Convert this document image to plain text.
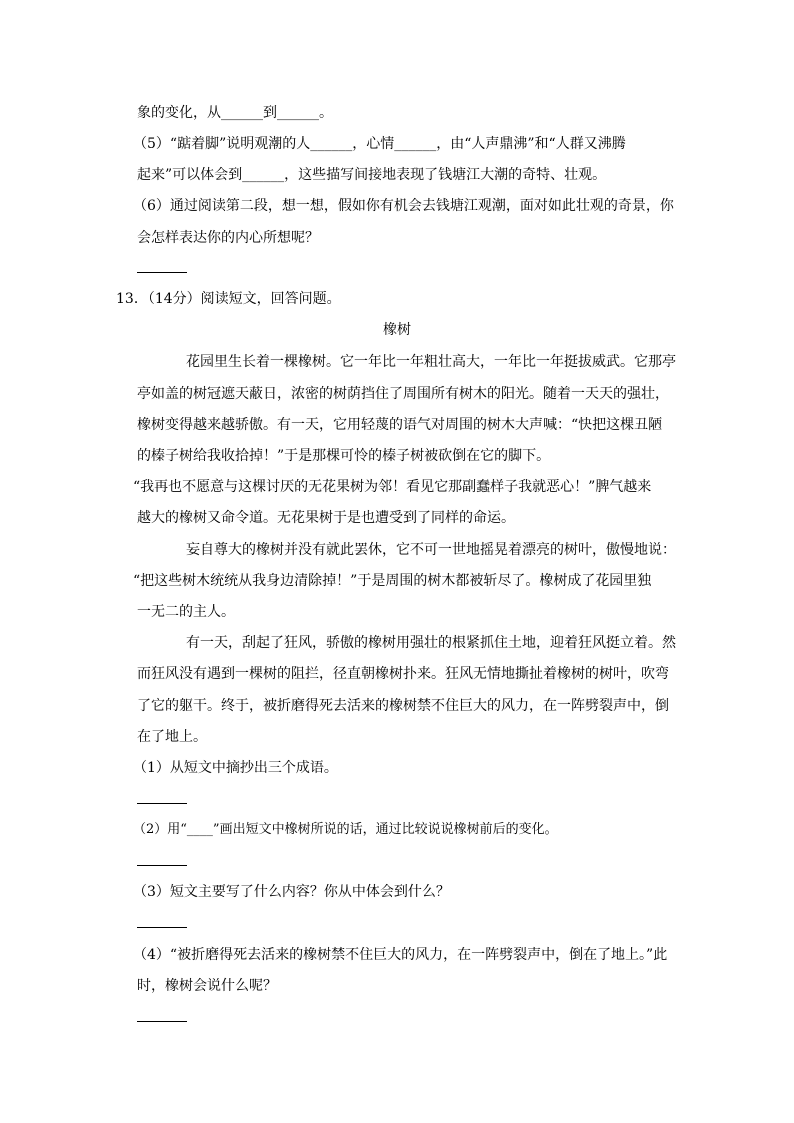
象的变化，从______到______。
（5）“踮着脚”说明观潮的人______，心情______，由“人声鼎沸”和“人群又沸腾
起来”可以体会到______，这些描写间接地表现了钱塘江大潮的奇特、壮观。
（6）通过阅读第二段，想一想，假如你有机会去钱塘江观潮，面对如此壮观的奇景，你
会怎样表达你的内心所想呢？
13．（14分）阅读短文，回答问题。
橡树
花园里生长着一棵橡树。它一年比一年粗壮高大，一年比一年挺拔威武。它那亭
亭如盖的树冠遮天蔽日，浓密的树荫挡住了周围所有树木的阳光。随着一天天的强壮，
橡树变得越来越骄傲。有一天，它用轻蔑的语气对周围的树木大声喊：“快把这棵丑陋
的榛子树给我收拾掉！”于是那棵可怜的榛子树被砍倒在它的脚下。
“我再也不愿意与这棵讨厌的无花果树为邻！看见它那副蠢样子我就恶心！”脾气越来
越大的橡树又命令道。无花果树于是也遭受到了同样的命运。
妄自尊大的橡树并没有就此罢休，它不可一世地摇晃着漂亮的树叶，傲慢地说：
“把这些树木统统从我身边清除掉！”于是周围的树木都被斩尽了。橡树成了花园里独
一无二的主人。
有一天，刮起了狂风，骄傲的橡树用强壮的根紧抓住土地，迎着狂风挺立着。然
而狂风没有遇到一棵树的阻拦，径直朝橡树扑来。狂风无情地撕扯着橡树的树叶，吹弯
了它的躯干。终于，被折磨得死去活来的橡树禁不住巨大的风力，在一阵劈裂声中，倒
在了地上。
（1）从短文中摘抄出三个成语。
（2）用“____”画出短文中橡树所说的话，通过比较说说橡树前后的变化。
（3）短文主要写了什么内容？你从中体会到什么？
（4）“被折磨得死去活来的橡树禁不住巨大的风力，在一阵劈裂声中，倒在了地上。”此
时，橡树会说什么呢？
